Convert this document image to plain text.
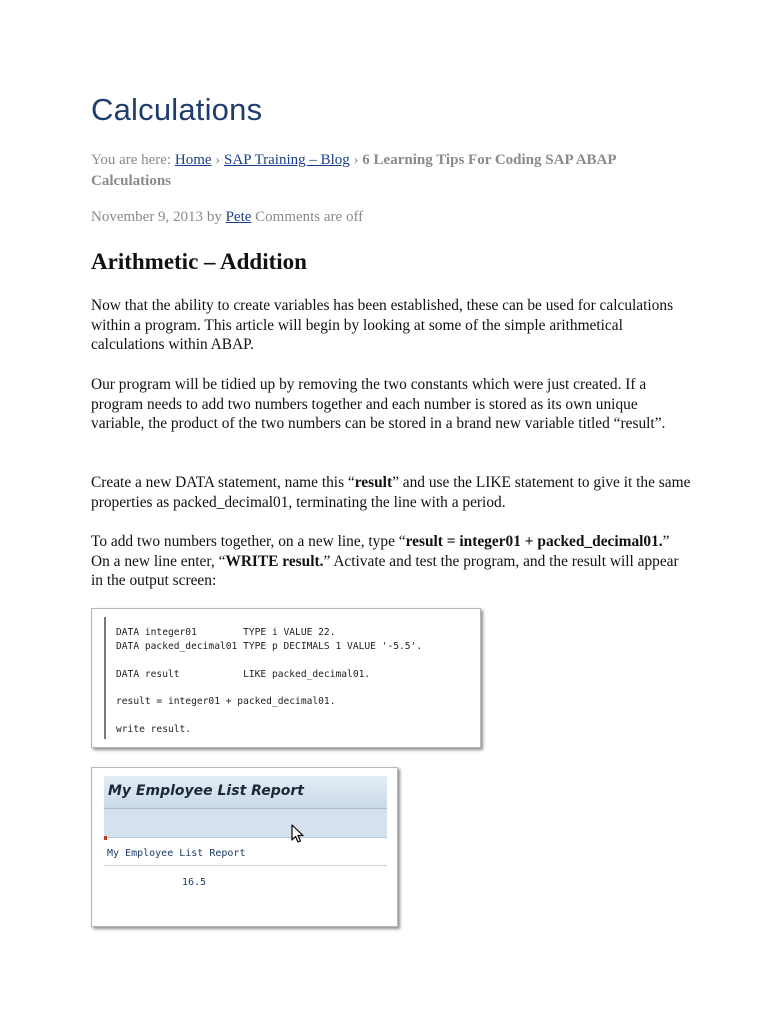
Calculations
You are here: Home › SAP Training – Blog › 6 Learning Tips For Coding SAP ABAP Calculations
November 9, 2013 by Pete Comments are off
Arithmetic – Addition

Now that the ability to create variables has been established, these can be used for calculations within a program. This article will begin by looking at some of the simple arithmetical calculations within ABAP.

Our program will be tidied up by removing the two constants which were just created. If a program needs to add two numbers together and each number is stored as its own unique variable, the product of the two numbers can be stored in a brand new variable titled “result”.

Create a new DATA statement, name this “result” and use the LIKE statement to give it the same properties as packed_decimal01, terminating the line with a period.

To add two numbers together, on a new line, type “result = integer01 + packed_decimal01.” On a new line enter, “WRITE result.” Activate and test the program, and the result will appear in the output screen:

DATA integer01        TYPE i VALUE 22.
DATA packed_decimal01 TYPE p DECIMALS 1 VALUE '-5.5'.
DATA result           LIKE packed_decimal01.
result = integer01 + packed_decimal01.
write result.
My Employee List Report
My Employee List Report
16.5
